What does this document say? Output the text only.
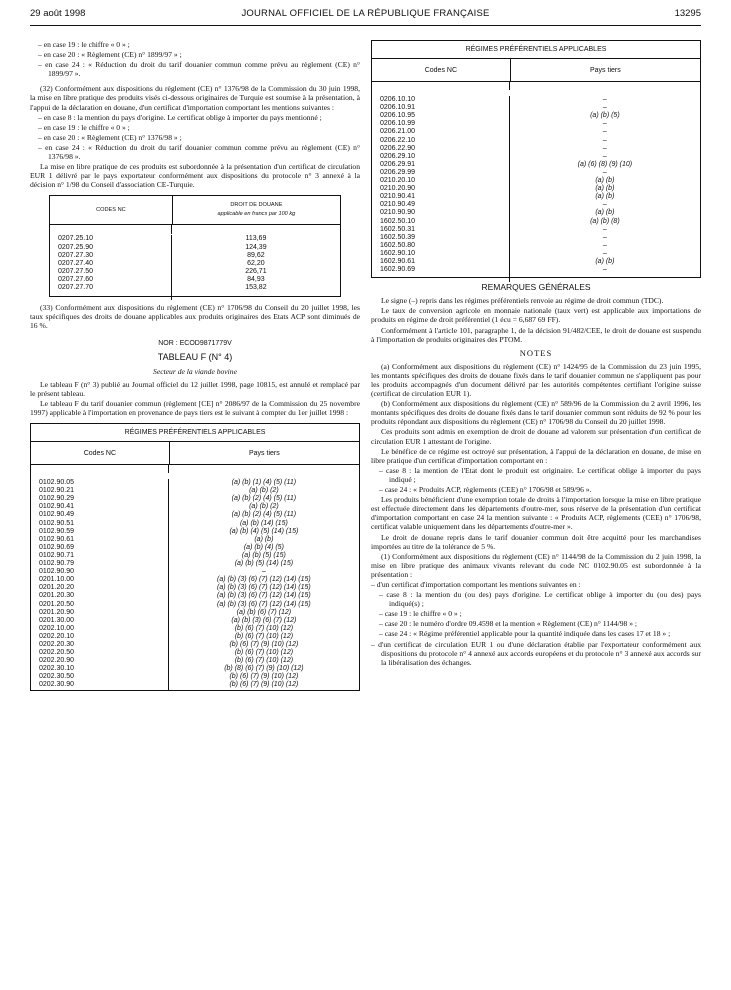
29 août 1998	JOURNAL OFFICIEL DE LA RÉPUBLIQUE FRANÇAISE	13295

– en case 19 : le chiffre « 0 » ;

– en case 20 : « Règlement (CE) n° 1899/97 » ;

– en case 24 : « Réduction du droit du tarif douanier commun comme prévu au règlement (CE) n° 1899/97 ».

(32) Conformément aux dispositions du règlement (CE) n° 1376/98 de la Commission du 30 juin 1998, la mise en libre pratique des produits visés ci-dessous originaires de Turquie est soumise à la présentation, à l'appui de la déclaration en douane, d'un certificat d'importation comportant les mentions suivantes :

– en case 8 : la mention du pays d'origine. Le certificat oblige à importer du pays mentionné ;

– en case 19 : le chiffre « 0 » ;

– en case 20 : « Règlement (CE) n° 1376/98 » ;

– en case 24 : « Réduction du droit du tarif douanier commun comme prévu au règlement (CE) n° 1376/98 ».

La mise en libre pratique de ces produits est subordonnée à la présentation d'un certificat de circulation EUR 1 délivré par le pays exportateur conformément aux dispositions du protocole n° 3 annexé à la décision n° 1/98 du Conseil d'association CE-Turquie.

CODES NC
DROIT DE DOUANE
applicable en francs par 100 kg
0207.25.10	113,69
0207.25.90	124,39
0207.27.30	89,62
0207.27.40	62,20
0207.27.50	226,71
0207.27.60	84,93
0207.27.70	153,82

(33) Conformément aux dispositions du règlement (CE) n° 1706/98 du Conseil du 20 juillet 1998, les taux spécifiques des droits de douane applicables aux produits originaires des Etats ACP sont diminués de 16 %.

NOR : ECOD9871779V

TABLEAU F (N° 4)

Secteur de la viande bovine

Le tableau F (n° 3) publié au Journal officiel du 12 juillet 1998, page 10815, est annulé et remplacé par le présent tableau.

Le tableau F du tarif douanier commun (règlement [CE] n° 2086/97 de la Commission du 25 novembre 1997) applicable à l'importation en provenance de pays tiers est le suivant à compter du 1er juillet 1998 :

RÉGIMES PRÉFÉRENTIELS APPLICABLES
Codes NC	Pays tiers
0102.90.05	(a) (b) (1) (4) (5) (11)
0102.90.21	(a) (b) (2)
0102.90.29	(a) (b) (2) (4) (5) (11)
0102.90.41	(a) (b) (2)
0102.90.49	(a) (b) (2) (4) (5) (11)
0102.90.51	(a) (b) (14) (15)
0102.90.59	(a) (b) (4) (5) (14) (15)
0102.90.61	(a) (b)
0102.90.69	(a) (b) (4) (5)
0102.90.71	(a) (b) (5) (15)
0102.90.79	(a) (b) (5) (14) (15)
0102.90.90	–
0201.10.00	(a) (b) (3) (6) (7) (12) (14) (15)
0201.20.20	(a) (b) (3) (6) (7) (12) (14) (15)
0201.20.30	(a) (b) (3) (6) (7) (12) (14) (15)
0201.20.50	(a) (b) (3) (6) (7) (12) (14) (15)
0201.20.90	(a) (b) (6) (7) (12)
0201.30.00	(a) (b) (3) (6) (7) (12)
0202.10.00	(b) (6) (7) (10) (12)
0202.20.10	(b) (6) (7) (10) (12)
0202.20.30	(b) (6) (7) (9) (10) (12)
0202.20.50	(b) (6) (7) (10) (12)
0202.20.90	(b) (6) (7) (10) (12)
0202.30.10	(b) (8) (6) (7) (9) (10) (12)
0202.30.50	(b) (6) (7) (9) (10) (12)
0202.30.90	(b) (6) (7) (9) (10) (12)
RÉGIMES PRÉFÉRENTIELS APPLICABLES
Codes NC	Pays tiers
0206.10.10	–
0206.10.91	–
0206.10.95	(a) (b) (5)
0206.10.99	–
0206.21.00	–
0206.22.10	–
0206.22.90	–
0206.29.10	–
0206.29.91	(a) (6) (8) (9) (10)
0206.29.99	–
0210.20.10	(a) (b)
0210.20.90	(a) (b)
0210.90.41	(a) (b)
0210.90.49	–
0210.90.90	(a) (b)
1602.50.10	(a) (b) (8)
1602.50.31	–
1602.50.39	–
1602.50.80	–
1602.90.10	–
1602.90.61	(a) (b)
1602.90.69	–

REMARQUES GÉNÉRALES

Le signe (–) repris dans les régimes préférentiels renvoie au régime de droit commun (TDC).

Le taux de conversion agricole en monnaie nationale (taux vert) est applicable aux importations de produits en régime de droit préférentiel (1 écu = 6,687 69 FF).

Conformément à l'article 101, paragraphe 1, de la décision 91/482/CEE, le droit de douane est suspendu à l'importation de produits originaires des PTOM.

NOTES

(a) Conformément aux dispositions du règlement (CE) n° 1424/95 de la Commission du 23 juin 1995, les montants spécifiques des droits de douane fixés dans le tarif douanier commun ne s'appliquent pas pour les produits accompagnés d'un document délivré par les autorités compétentes certifiant l'origine suisse (certificat de circulation EUR 1).

(b) Conformément aux dispositions du règlement (CE) n° 589/96 de la Commission du 2 avril 1996, les montants spécifiques des droits de douane fixés dans le tarif douanier commun sont réduits de 92 % pour les produits répondant aux dispositions du règlement (CE) n° 1706/98 du Conseil du 20 juillet 1998.

Ces produits sont admis en exemption de droit de douane ad valorem sur présentation d'un certificat de circulation EUR 1 attestant de l'origine.

Le bénéfice de ce régime est octroyé sur présentation, à l'appui de la déclaration en douane, de mise en libre pratique d'un certificat d'importation comportant en :

– case 8 : la mention de l'Etat dont le produit est originaire. Le certificat oblige à importer du pays indiqué ;

– case 24 : « Produits ACP, règlements (CEE) n° 1706/98 et 589/96 ».

Les produits bénéficient d'une exemption totale de droits à l'importation lorsque la mise en libre pratique est effectuée directement dans les départements d'outre-mer, sous réserve de la présentation d'un certificat d'importation comportant en case 24 la mention suivante : « Produits ACP, règlements (CEE) n° 1706/98, certificat valable uniquement dans les départements d'outre-mer ».

Le droit de douane repris dans le tarif douanier commun doit être acquitté pour les marchandises importées au titre de la tolérance de 5 %.

(1) Conformément aux dispositions du règlement (CE) n° 1144/98 de la Commission du 2 juin 1998, la mise en libre pratique des animaux vivants relevant du code NC 0102.90.05 est subordonnée à la présentation :

– d'un certificat d'importation comportant les mentions suivantes en :

– case 8 : la mention du (ou des) pays d'origine. Le certificat oblige à importer du (ou des) pays indiqué(s) ;

– case 19 : le chiffre « 0 » ;

– case 20 : le numéro d'ordre 09.4598 et la mention « Règlement (CE) n° 1144/98 » ;

– case 24 : « Régime préférentiel applicable pour la quantité indiquée dans les cases 17 et 18 » ;

– d'un certificat de circulation EUR 1 ou d'une déclaration établie par l'exportateur conformément aux dispositions du protocole n° 4 annexé aux accords européens et du protocole n° 3 annexé aux accords sur la libéralisation des échanges.
